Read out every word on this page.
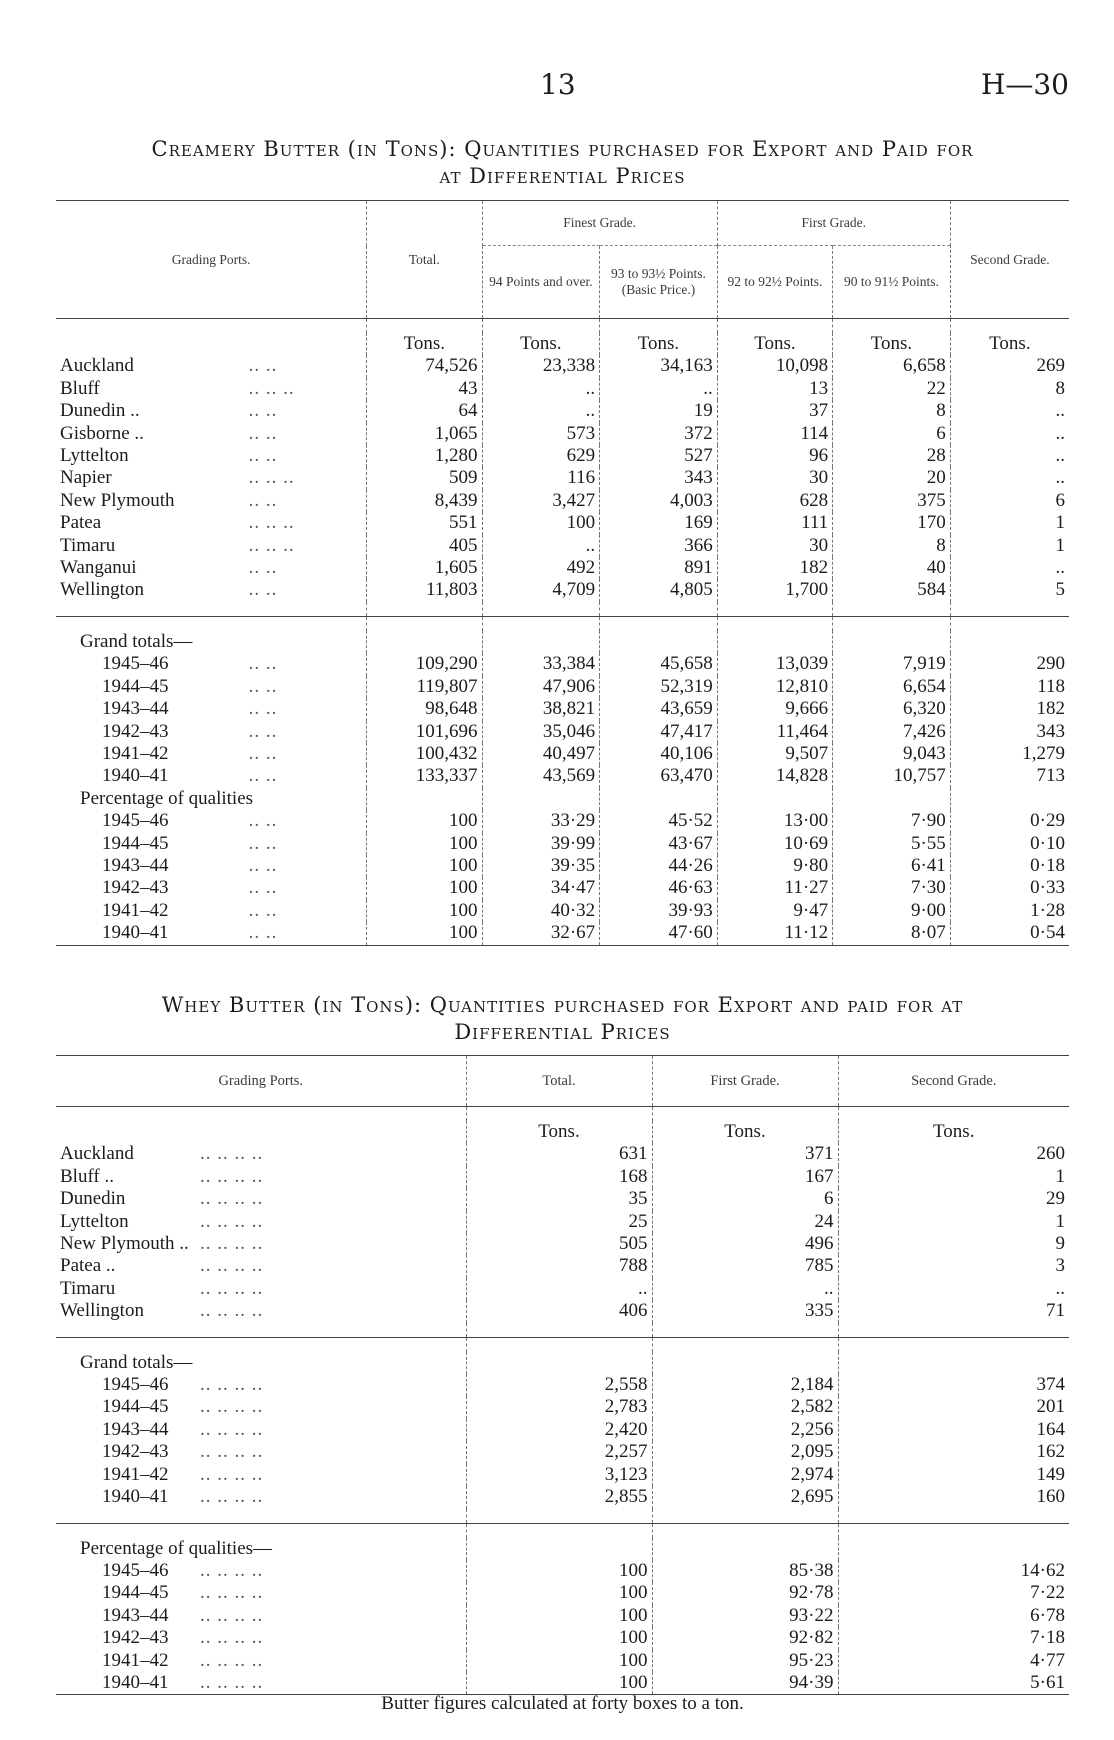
13	H—30
Creamery Butter (in Tons): Quantities purchased for Export and Paid for
at Differential Prices
Grading Ports.		Total.	Finest Grade.		First Grade.		Second Grade.
			94 Points and over.	93 to 93½ Points. (Basic Price.)	92 to 92½ Points.	90 to 91½ Points.	

		Tons.	Tons.	Tons.	Tons.	Tons.	Tons.
Auckland	.. ..	74,526	23,338	34,163	10,098	6,658	269
Bluff	.. .. ..	43	..	..	13	22	8
Dunedin ..	.. ..	64	..	19	37	8	..
Gisborne ..	.. ..	1,065	573	372	114	6	..
Lyttelton	.. ..	1,280	629	527	96	28	..
Napier	.. .. ..	509	116	343	30	20	..
New Plymouth	.. ..	8,439	3,427	4,003	628	375	6
Patea	.. .. ..	551	100	169	111	170	1
Timaru	.. .. ..	405	..	366	30	8	1
Wanganui	.. ..	1,605	492	891	182	40	..
Wellington	.. ..	11,803	4,709	4,805	1,700	584	5

Grand totals—							
1945–46	.. ..	109,290	33,384	45,658	13,039	7,919	290
1944–45	.. ..	119,807	47,906	52,319	12,810	6,654	118
1943–44	.. ..	98,648	38,821	43,659	9,666	6,320	182
1942–43	.. ..	101,696	35,046	47,417	11,464	7,426	343
1941–42	.. ..	100,432	40,497	40,106	9,507	9,043	1,279
1940–41	.. ..	133,337	43,569	63,470	14,828	10,757	713
Percentage of qualities							
1945–46	.. ..	100	33·29	45·52	13·00	7·90	0·29
1944–45	.. ..	100	39·99	43·67	10·69	5·55	0·10
1943–44	.. ..	100	39·35	44·26	9·80	6·41	0·18
1942–43	.. ..	100	34·47	46·63	11·27	7·30	0·33
1941–42	.. ..	100	40·32	39·93	9·47	9·00	1·28
1940–41	.. ..	100	32·67	47·60	11·12	8·07	0·54
Whey Butter (in Tons): Quantities purchased for Export and paid for at
Differential Prices
Grading Ports.		Total.	First Grade.	Second Grade.

		Tons.	Tons.	Tons.
Auckland	.. .. .. ..	631	371	260
Bluff ..	.. .. .. ..	168	167	1
Dunedin	.. .. .. ..	35	6	29
Lyttelton	.. .. .. ..	25	24	1
New Plymouth ..	.. .. .. ..	505	496	9
Patea ..	.. .. .. ..	788	785	3
Timaru	.. .. .. ..	..	..	..
Wellington	.. .. .. ..	406	335	71

Grand totals—				
1945–46	.. .. .. ..	2,558	2,184	374
1944–45	.. .. .. ..	2,783	2,582	201
1943–44	.. .. .. ..	2,420	2,256	164
1942–43	.. .. .. ..	2,257	2,095	162
1941–42	.. .. .. ..	3,123	2,974	149
1940–41	.. .. .. ..	2,855	2,695	160

Percentage of qualities—				
1945–46	.. .. .. ..	100	85·38	14·62
1944–45	.. .. .. ..	100	92·78	7·22
1943–44	.. .. .. ..	100	93·22	6·78
1942–43	.. .. .. ..	100	92·82	7·18
1941–42	.. .. .. ..	100	95·23	4·77
1940–41	.. .. .. ..	100	94·39	5·61
Butter figures calculated at forty boxes to a ton.
